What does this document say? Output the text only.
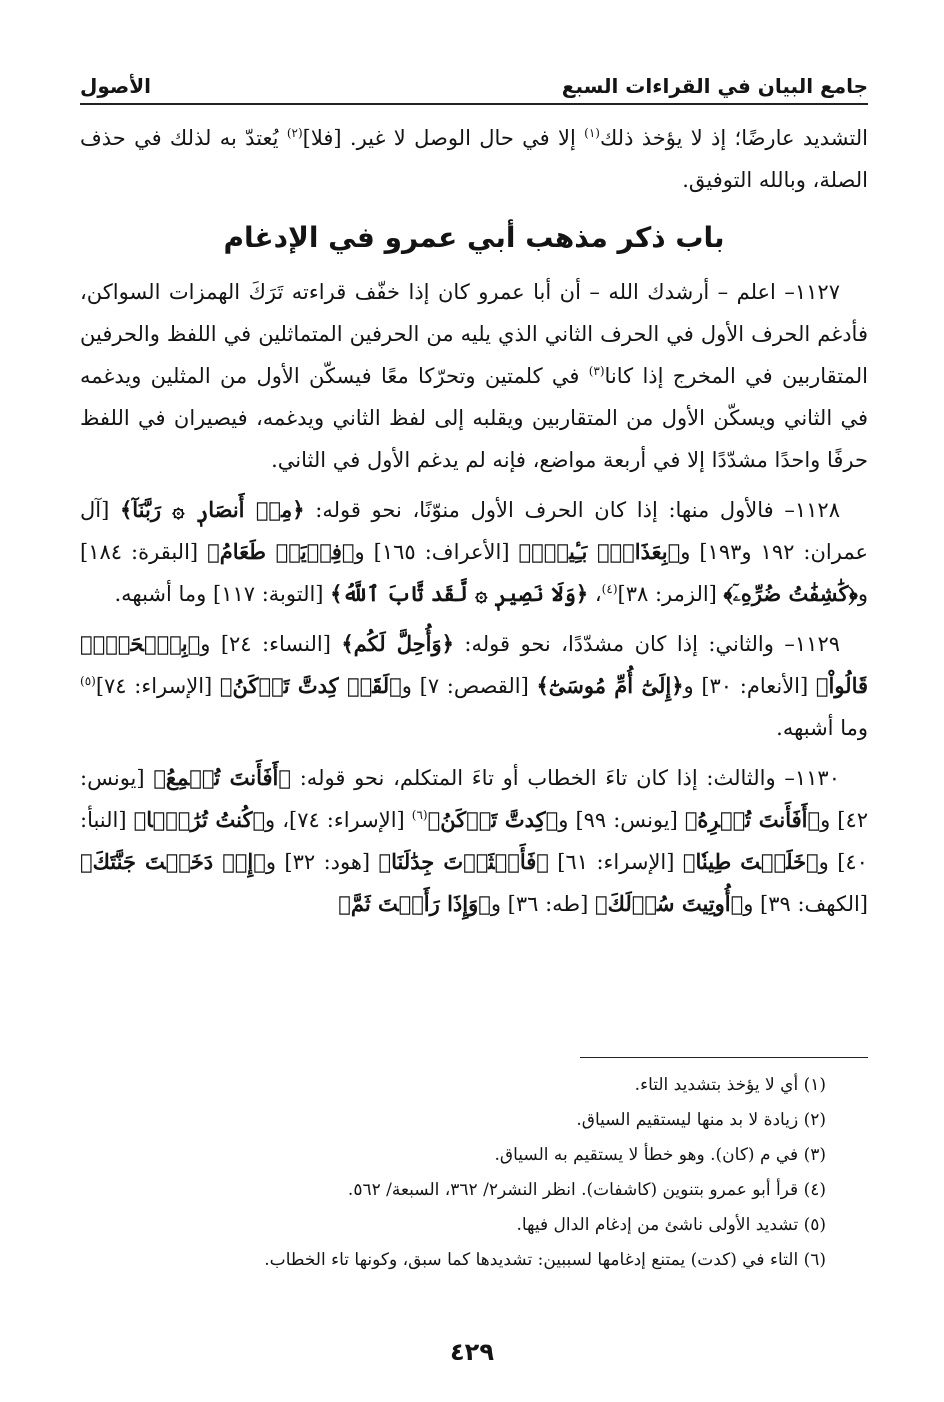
جامع البيان في القراءات السبع
الأصول

التشديد عارضًا؛ إذ لا يؤخذ ذلك$^{(١)}$ إلا في حال الوصل لا غير. [فلا]$^{(٢)}$ يُعتدّ به لذلك في حذف الصلة، وبالله التوفيق.

باب ذكر مذهب أبي عمرو في الإدغام

١١٢٧– اعلم – أرشدك الله – أن أبا عمرو كان إذا خفّف قراءته تَرَكَ الهمزات السواكن، فأدغم الحرف الأول في الحرف الثاني الذي يليه من الحرفين المتماثلين في اللفظ والحرفين المتقاربين في المخرج إذا كانا$^{(٣)}$ في كلمتين وتحرّكا معًا فيسكّن الأول من المثلين ويدغمه في الثاني ويسكّن الأول من المتقاربين ويقلبه إلى لفظ الثاني ويدغمه، فيصيران في اللفظ حرفًا واحدًا مشدّدًا إلا في أربعة مواضع، فإنه لم يدغم الأول في الثاني.

١١٢٨– فالأول منها: إذا كان الحرف الأول منوّنًا، نحو قوله: ﴿مِنۡ أَنصَارٖ ۞ رَبَّنَآ﴾ [آل عمران: ١٩٢ و١٩٣] و﴿بِعَذَابِۭ بَـِٔيسِۭ﴾ [الأعراف: ١٦٥] و﴿فِدۡيَةٞ طَعَامُ﴾ [البقرة: ١٨٤] و﴿كَٰشِفَٰتُ ضُرِّهِۦٓ﴾ [الزمر: ٣٨]$^{(٤)}$، ﴿وَلَا نَصِيرٖ ۞ لَّقَد تَّابَ ٱللَّهُ﴾ [التوبة: ١١٧] وما أشبهه.

١١٢٩– والثاني: إذا كان مشدّدًا، نحو قوله: ﴿وَأُحِلَّ لَكُم﴾ [النساء: ٢٤] و﴿بِٱلۡحَقِّۚ قَالُواْ﴾ [الأنعام: ٣٠] و﴿إِلَىٰٓ أُمِّ مُوسَىٰٓ﴾ [القصص: ٧] و﴿لَقَدۡ كِدتَّ تَرۡكَنُ﴾ [الإسراء: ٧٤]$^{(٥)}$ وما أشبهه.

١١٣٠– والثالث: إذا كان تاءَ الخطاب أو تاءَ المتكلم، نحو قوله: ﴿أَفَأَنتَ تُسۡمِعُ﴾ [يونس: ٤٢] و﴿أَفَأَنتَ تُكۡرِهُ﴾ [يونس: ٩٩] و﴿كِدتَّ تَرۡكَنُ﴾$^{(٦)}$ [الإسراء: ٧٤]، و﴿كُنتُ تُرَٰبَۢا﴾ [النبأ: ٤٠] و﴿خَلَقۡتَ طِينٗا﴾ [الإسراء: ٦١] ﴿فَأَكۡثَرۡتَ جِدَٰلَنَا﴾ [هود: ٣٢] و﴿إِذۡ دَخَلۡتَ جَنَّتَكَ﴾ [الكهف: ٣٩] و﴿أُوتِيتَ سُؤۡلَكَ﴾ [طه: ٣٦] و﴿وَإِذَا رَأَيۡتَ ثَمَّ﴾

(١) أي لا يؤخذ بتشديد التاء.
(٢) زيادة لا بد منها ليستقيم السياق.
(٣) في م (كان). وهو خطأ لا يستقيم به السياق.
(٤) قرأ أبو عمرو بتنوين (كاشفات). انظر النشر٢/ ٣٦٢، السبعة/ ٥٦٢.
(٥) تشديد الأولى ناشئ من إدغام الدال فيها.
(٦) التاء في (كدت) يمتنع إدغامها لسببين: تشديدها كما سبق، وكونها تاء الخطاب.
٤٢٩
